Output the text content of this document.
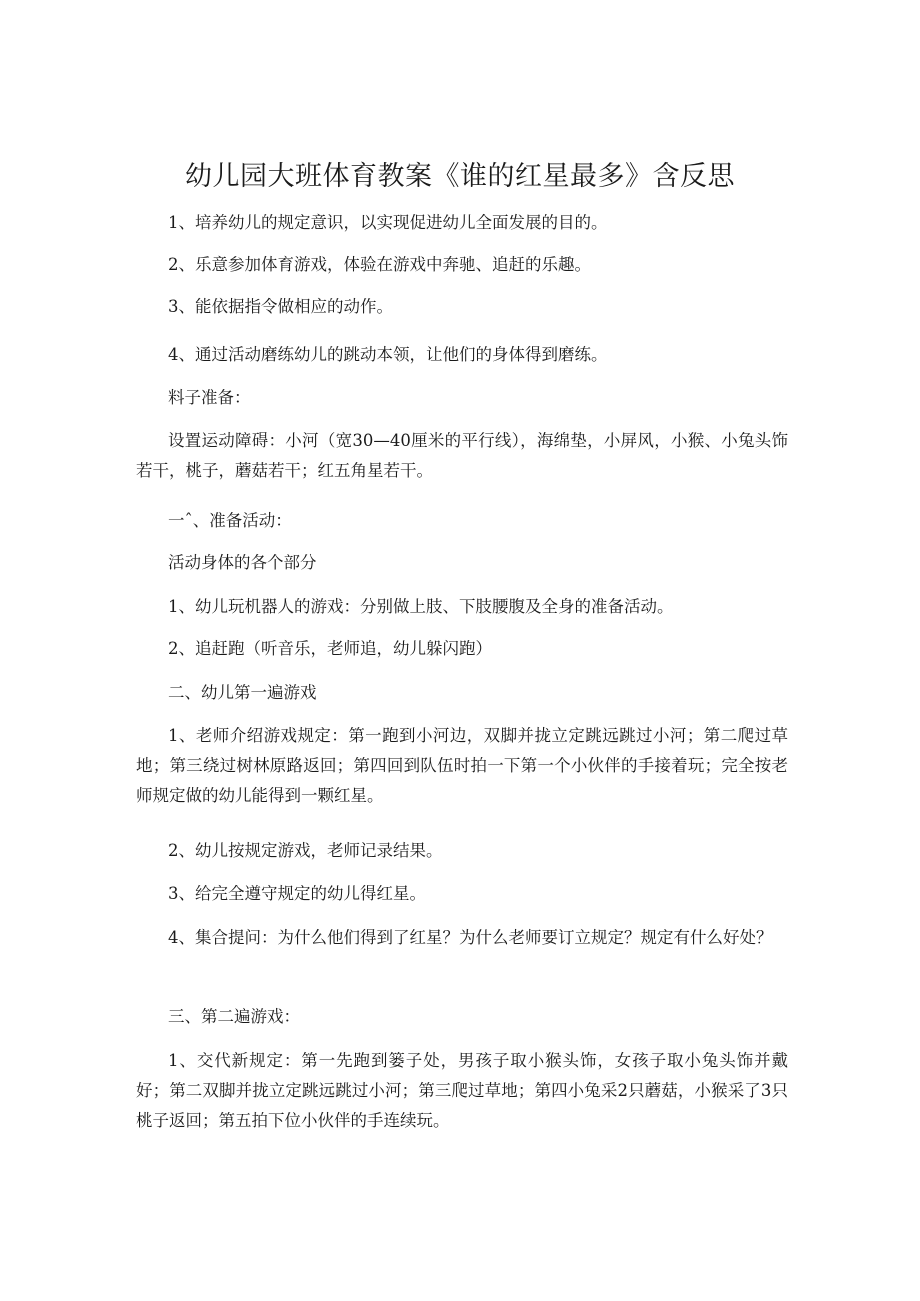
幼儿园大班体育教案《谁的红星最多》含反思

1、培养幼儿的规定意识，以实现促进幼儿全面发展的目的。

2、乐意参加体育游戏，体验在游戏中奔驰、追赶的乐趣。

3、能依据指令做相应的动作。

4、通过活动磨练幼儿的跳动本领，让他们的身体得到磨练。

料子准备：

设置运动障碍：小河（宽30—40厘米的平行线），海绵垫，小屏风，小猴、小兔头饰若干，桃子，蘑菇若干；红五角星若干。

一ˆ、准备活动：

活动身体的各个部分

1、幼儿玩机器人的游戏：分别做上肢、下肢腰腹及全身的准备活动。

2、追赶跑（听音乐，老师追，幼儿躲闪跑）

二、幼儿第一遍游戏

1、老师介绍游戏规定：第一跑到小河边，双脚并拢立定跳远跳过小河；第二爬过草地；第三绕过树林原路返回；第四回到队伍时拍一下第一个小伙伴的手接着玩；完全按老师规定做的幼儿能得到一颗红星。

2、幼儿按规定游戏，老师记录结果。

3、给完全遵守规定的幼儿得红星。

4、集合提问：为什么他们得到了红星？为什么老师要订立规定？规定有什么好处？

三、第二遍游戏：

1、交代新规定：第一先跑到篓子处，男孩子取小猴头饰，女孩子取小兔头饰并戴好；第二双脚并拢立定跳远跳过小河；第三爬过草地；第四小兔采2只蘑菇，小猴采了3只桃子返回；第五拍下位小伙伴的手连续玩。
